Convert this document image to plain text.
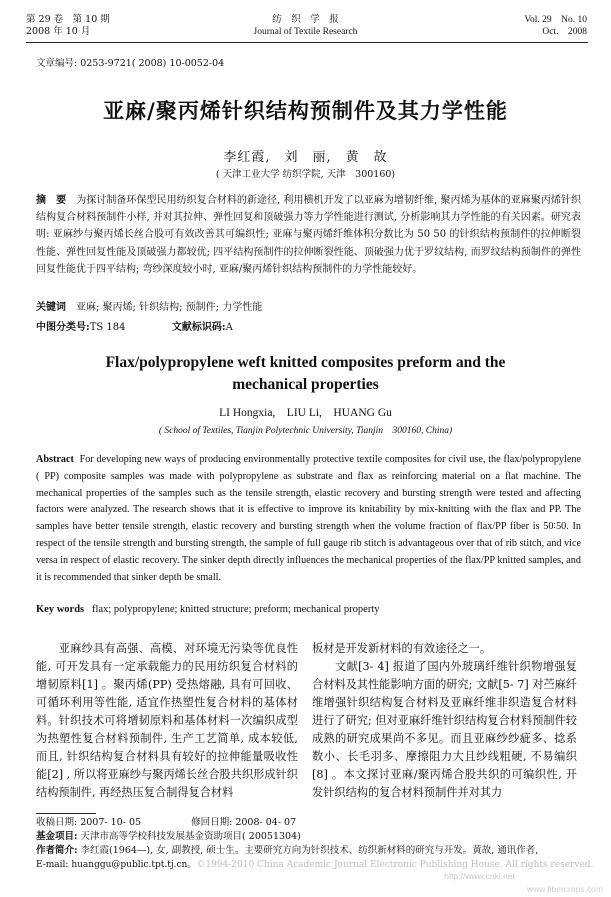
第 29 卷　第 10 期
2008 年 10 月
纺　织　学　报
Journal of Textile Research
Vol. 29　No. 10
Oct.　2008
文章编号: 0253-9721( 2008) 10-0052-04
亚麻/聚丙烯针织结构预制件及其力学性能
李红霞,　刘　丽,　黄　故
( 天津工业大学 纺织学院, 天津　300160)
摘　要　 为探讨制备环保型民用纺织复合材料的新途径, 利用横机开发了以亚麻为增韧纤维, 聚丙烯为基体的亚麻聚丙烯针织结构复合材料预制件小样, 并对其拉伸、弹性回复和顶破强力等力学性能进行测试, 分析影响其力学性能的有关因素。研究表明: 亚麻纱与聚丙烯长丝合股可有效改善其可编织性; 亚麻与聚丙烯纤维体积分数比为 50 50 的针织结构预制件的拉伸断裂性能、弹性回复性能及顶破强力都较优; 四平结构预制件的拉伸断裂性能、顶破强力优于罗纹结构, 而罗纹结构预制件的弹性回复性能优于四平结构; 弯纱深度较小时, 亚麻/聚丙烯针织结构预制件的力学性能较好。
关键词　 亚麻; 聚丙烯; 针织结构; 预制件; 力学性能
中图分类号:TS 184	文献标识码:A
Flax/polypropylene weft knitted composites preform and the
mechanical properties
LI Hongxia,　LIU Li,　HUANG Gu
( School of Textiles, Tianjin Polytechnic University, Tianjin　300160, China)
Abstract For developing new ways of producing environmentally protective textile composites for civil use, the flax/polypropylene ( PP) composite samples was made with polypropylene as substrate and flax as reinforcing material on a flat machine. The mechanical properties of the samples such as the tensile strength, elastic recovery and bursting strength were tested and affecting factors were analyzed. The research shows that it is effective to improve its knitability by mix-knitting with the flax and PP. The samples have better tensile strength, elastic recovery and bursting strength when the volume fraction of flax/PP fiber is 50∶50. In respect of the tensile strength and bursting strength, the sample of full gauge rib stitch is advantageous over that of rib stitch, and vice versa in respect of elastic recovery. The sinker depth directly influences the mechanical properties of the flax/PP knitted samples, and it is recommended that sinker depth be small.
Key words flax; polypropylene; knitted structure; preform; mechanical property
　　亚麻纱具有高强、高模、对环境无污染等优良性能, 可开发具有一定承载能力的民用纺织复合材料的增韧原料[1] 。聚丙烯(PP) 受热熔融, 具有可回收、可循环利用等性能, 适宜作热塑性复合材料的基体材料。针织技术可将增韧原料和基体材料一次编织成型为热塑性复合材料预制件, 生产工艺简单, 成本较低, 而且, 针织结构复合材料具有较好的拉伸能量吸收性能[2] , 所以将亚麻纱与聚丙烯长丝合股共织形成针织结构预制件, 再经热压复合制得复合材料
板材是开发新材料的有效途径之一。
　　文献[3- 4] 报道了国内外玻璃纤维针织物增强复合材料及其性能影响方面的研究; 文献[5- 7] 对苎麻纤维增强针织结构复合材料及亚麻纤维非织造复合材料进行了研究; 但对亚麻纤维针织结构复合材料预制件较成熟的研究成果尚不多见。而且亚麻纱纱疵多、捻系数小、长毛羽多、摩擦阻力大且纱线粗硬, 不易编织[8] 。本文探讨亚麻/聚丙烯合股共织的可编织性, 开发针织结构的复合材料预制件并对其力
收稿日期: 2007- 10- 05	修回日期: 2008- 04- 07
基金项目: 天津市高等学校科技发展基金资助项目( 20051304)
作者简介: 李红霞(1964—), 女, 副教授, 硕士生。主要研究方向为针织技术、纺织新材料的研究与开发。黄故, 通讯作者,
E-mail: huanggu@public.tpt.tj.cn。©1994-2010 China Academic Journal Electronic Publishing House. All rights reserved.
http://www.cnki.net
www.fibercrops.com
